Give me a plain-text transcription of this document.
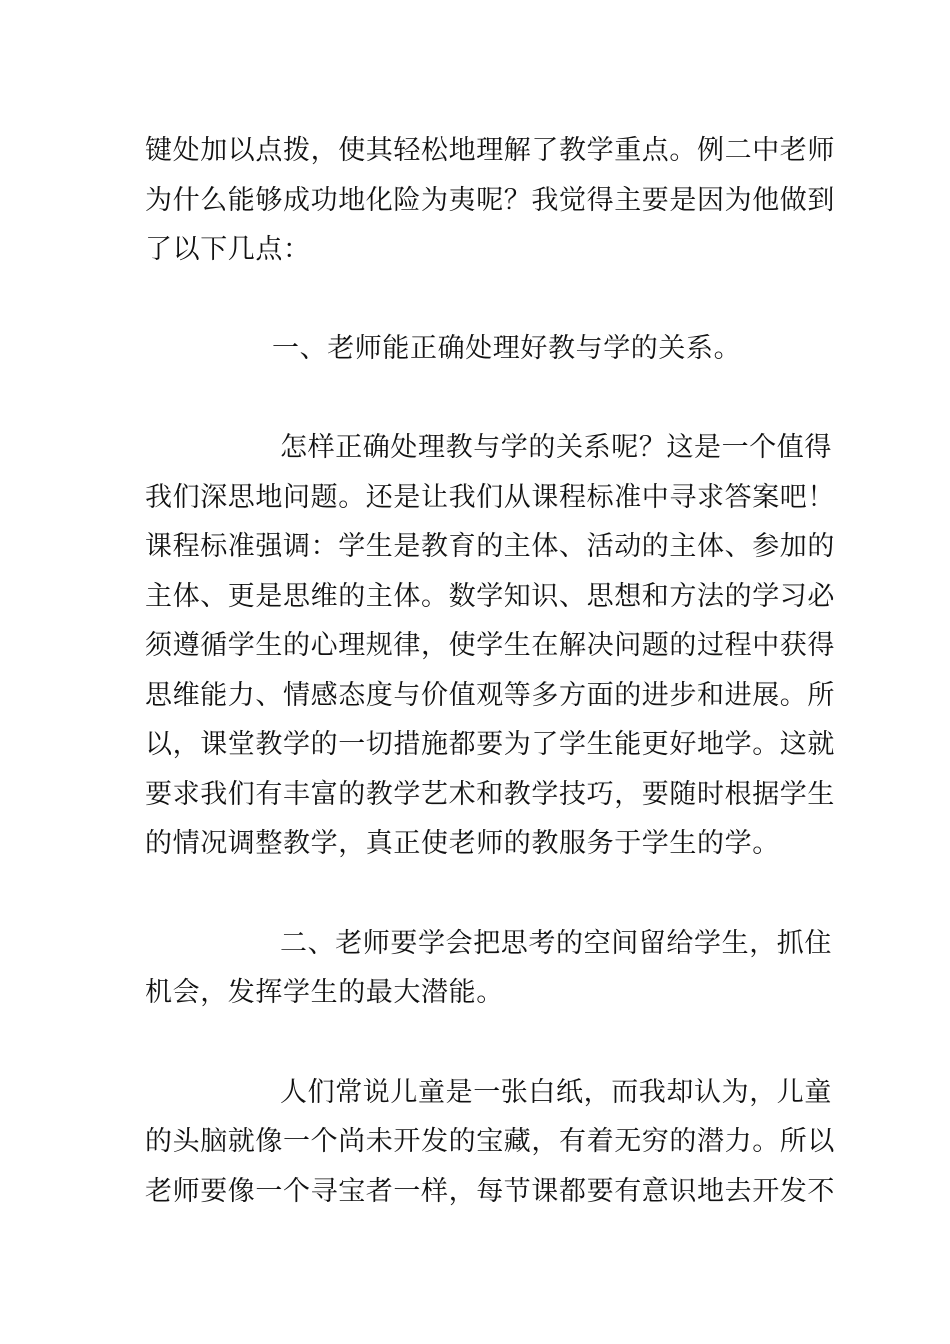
键处加以点拨，使其轻松地理解了教学重点。例二中老师
为什么能够成功地化险为夷呢？我觉得主要是因为他做到
了以下几点：
一、老师能正确处理好教与学的关系。
怎样正确处理教与学的关系呢？这是一个值得
我们深思地问题。还是让我们从课程标准中寻求答案吧！
课程标准强调：学生是教育的主体、活动的主体、参加的
主体、更是思维的主体。数学知识、思想和方法的学习必
须遵循学生的心理规律，使学生在解决问题的过程中获得
思维能力、情感态度与价值观等多方面的进步和进展。所
以，课堂教学的一切措施都要为了学生能更好地学。这就
要求我们有丰富的教学艺术和教学技巧，要随时根据学生
的情况调整教学，真正使老师的教服务于学生的学。
二、老师要学会把思考的空间留给学生，抓住
机会，发挥学生的最大潜能。
人们常说儿童是一张白纸，而我却认为，儿童
的头脑就像一个尚未开发的宝藏，有着无穷的潜力。所以
老师要像一个寻宝者一样，每节课都要有意识地去开发不
